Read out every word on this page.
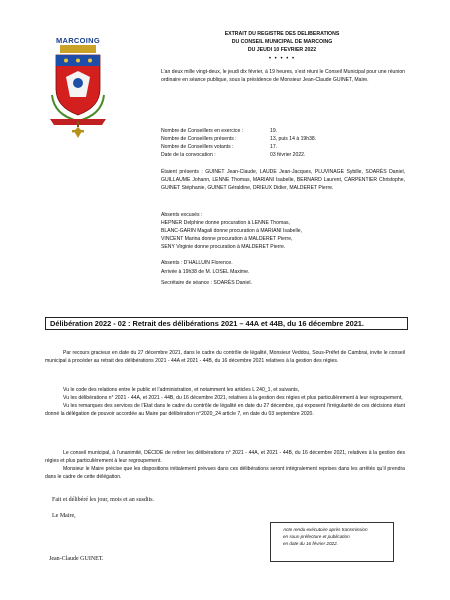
MARCOING
EXTRAIT DU REGISTRE DES DELIBERATIONS
DU CONSEIL MUNICIPAL DE MARCOING
DU JEUDI 10 FEVRIER 2022
• • • • •
L’an deux mille vingt-deux, le jeudi dix février, à 19 heures, s’est réuni le Conseil Municipal pour une réunion ordinaire en séance publique, sous la présidence de Monsieur Jean-Claude GUINET, Maire.
Nombre de Conseillers en exercice :	19.
Nombre de Conseillers présents :	13, puis 14 à 19h38.
Nombre de Conseillers votants :	17.
Date de la convocation :	03 février 2022.
Étaient présents : GUINET Jean-Claude, LAUDE Jean-Jacques, PLUVINAGE Sybille, SOARÈS Daniel, GUILLAUME Johann, LENNE Thomas, MARIANI Isabelle, BERNARD Laurent, CARPENTIER Christophe, GUINET Stéphanie, GUINET Géraldine, DRIEUX Didier, MALDERET Pierre.
Absents excusés :
HEPNER Delphine donne procuration à LENNE Thomas,
BLANC-GARIN Magali donne procuration à MARIANI Isabelle,
VINCENT Marina donne procuration à MALDERET Pierre,
SENY Virginie donne procuration à MALDERET Pierre.
Absents : D’HALLUIN Florence.
Arrivée à 19h38 de M. LOSEL Maxime.
Secrétaire de séance : SOARÈS Daniel.
Délibération 2022 - 02 : Retrait des délibérations 2021 – 44A et 44B, du 16 décembre 2021.

Par recours gracieux en date du 27 décembre 2021, dans le cadre du contrôle de légalité, Monsieur Veddou, Sous-Préfet de Cambrai, invite le conseil municipal à procéder au retrait des délibérations 2021 - 44A et 2021 - 44B, du 16 décembre 2021 relatives à la gestion des régies.

Vu le code des relations entre le public et l’administration, et notamment les articles L 240_1, et suivants,

Vu les délibérations n° 2021 - 44A, et 2021 - 44B, du 16 décembre 2021, relatives à la gestion des régies et plus particulièrement à leur regroupement,

Vu les remarques des services de l’Etat dans le cadre du contrôle de légalité en date du 27 décembre, qui exposent l’irrégularité de ces décisions étant donné la délégation de pouvoir accordée au Maire par délibération n°2020_24 article 7, en date du 03 septembre 2020.

Le conseil municipal, à l’unanimité, DÉCIDE de retirer les délibérations n° 2021 - 44A, et 2021 - 44B, du 16 décembre 2021, relatives à la gestion des régies et plus particulièrement à leur regroupement.

Monsieur le Maire précise que les dispositions initialement prévues dans ces délibérations seront intégralement reprises dans les arrêtés qu’il prendra dans le cadre de cette délégation.

Fait et délibéré les jour, mois et an susdits.
Le Maire,
Jean-Claude GUINET.
Acte rendu exécutoire après transmission
en sous-préfecture et publication
en date du 16 février 2022.
